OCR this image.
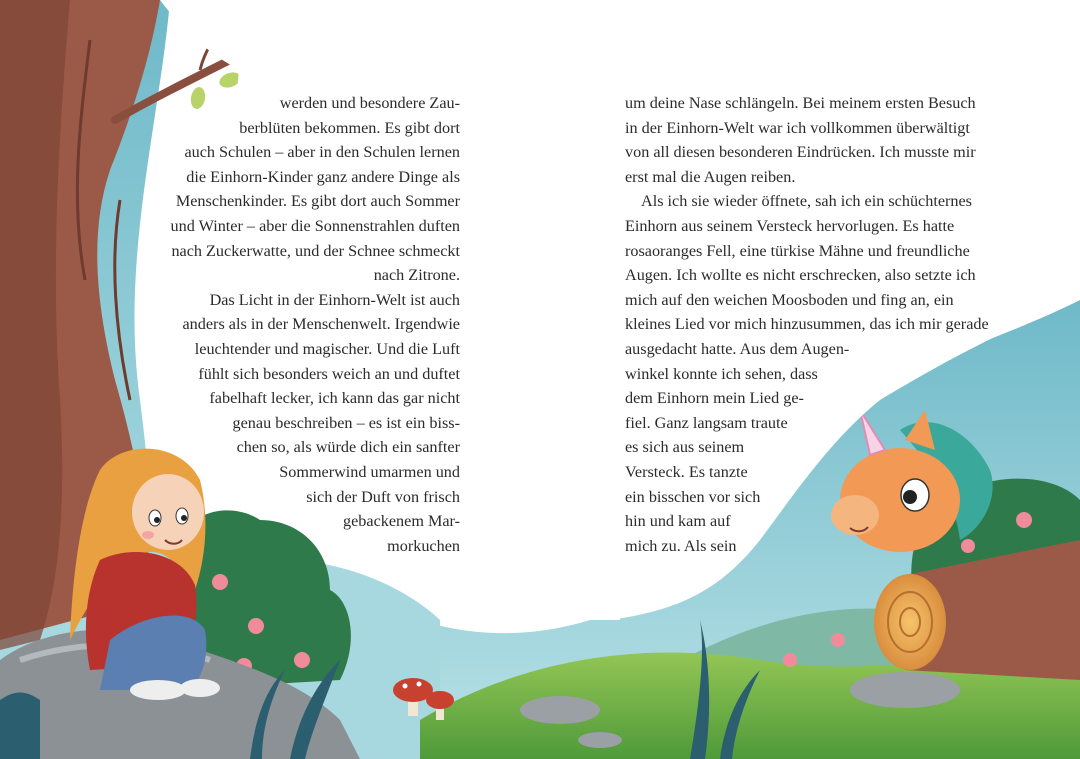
werden und besondere Zau-
berblüten bekommen. Es gibt dort
auch Schulen – aber in den Schulen lernen
die Einhorn-Kinder ganz andere Dinge als
Menschenkinder. Es gibt dort auch Sommer
und Winter – aber die Sonnenstrahlen duften
nach Zuckerwatte, und der Schnee schmeckt
nach Zitrone.
Das Licht in der Einhorn-Welt ist auch
anders als in der Menschenwelt. Irgendwie
leuchtender und magischer. Und die Luft
fühlt sich besonders weich an und duftet
fabelhaft lecker, ich kann das gar nicht
genau beschreiben – es ist ein biss-
chen so, als würde dich ein sanfter
Sommerwind umarmen und
sich der Duft von frisch
gebackenem Mar-
morkuchen
um deine Nase schlängeln. Bei meinem ersten Besuch
in der Einhorn-Welt war ich vollkommen überwältigt
von all diesen besonderen Eindrücken. Ich musste mir
erst mal die Augen reiben.
Als ich sie wieder öffnete, sah ich ein schüchternes
Einhorn aus seinem Versteck hervorlugen. Es hatte
rosaoranges Fell, eine türkise Mähne und freundliche
Augen. Ich wollte es nicht erschrecken, also setzte ich
mich auf den weichen Moosboden und fing an, ein
kleines Lied vor mich hinzusummen, das ich mir gerade
ausgedacht hatte. Aus dem Augen-
winkel konnte ich sehen, dass
dem Einhorn mein Lied ge-
fiel. Ganz langsam traute
es sich aus seinem
Versteck. Es tanzte
ein bisschen vor sich
hin und kam auf
mich zu. Als sein
